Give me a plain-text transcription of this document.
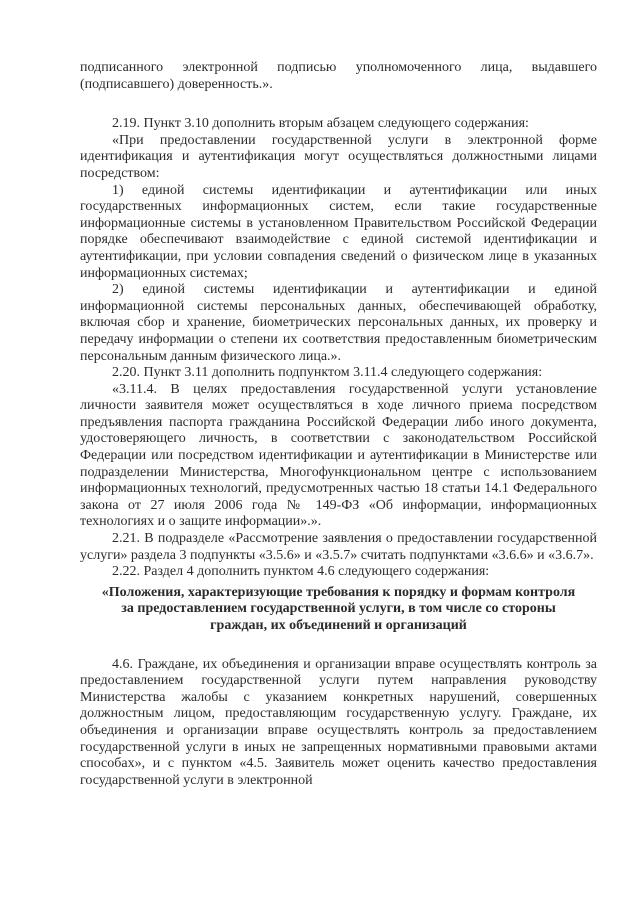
подписанного электронной подписью уполномоченного лица, выдавшего (подписавшего) доверенность.».

2.19. Пункт 3.10 дополнить вторым абзацем следующего содержания:

«При предоставлении государственной услуги в электронной форме идентификация и аутентификация могут осуществляться должностными лицами посредством:

1) единой системы идентификации и аутентификации или иных государственных информационных систем, если такие государственные информационные системы в установленном Правительством Российской Федерации порядке обеспечивают взаимодействие с единой системой идентификации и аутентификации, при условии совпадения сведений о физическом лице в указанных информационных системах;

2) единой системы идентификации и аутентификации и единой информационной системы персональных данных, обеспечивающей обработку, включая сбор и хранение, биометрических персональных данных, их проверку и передачу информации о степени их соответствия предоставленным биометрическим персональным данным физического лица.».

2.20. Пункт 3.11 дополнить подпунктом 3.11.4 следующего содержания:

«3.11.4. В целях предоставления государственной услуги установление личности заявителя может осуществляться в ходе личного приема посредством предъявления паспорта гражданина Российской Федерации либо иного документа, удостоверяющего личность, в соответствии с законодательством Российской Федерации или посредством идентификации и аутентификации в Министерстве или подразделении Министерства, Многофункциональном центре с использованием информационных технологий, предусмотренных частью 18 статьи 14.1 Федерального закона от 27 июля 2006 года № 149-ФЗ «Об информации, информационных технологиях и о защите информации».».

2.21. В подразделе «Рассмотрение заявления о предоставлении государственной услуги» раздела 3 подпункты «3.5.6» и «3.5.7» считать подпунктами «3.6.6» и «3.6.7».

2.22. Раздел 4 дополнить пунктом 4.6 следующего содержания:

«Положения, характеризующие требования к порядку и формам контроля

за предоставлением государственной услуги, в том числе со стороны

граждан, их объединений и организаций

4.6. Граждане, их объединения и организации вправе осуществлять контроль за предоставлением государственной услуги путем направления руководству Министерства жалобы с указанием конкретных нарушений, совершенных должностным лицом, предоставляющим государственную услугу. Граждане, их объединения и организации вправе осуществлять контроль за предоставлением государственной услуги в иных не запрещенных нормативными правовыми актами способах», и с пунктом «4.5. Заявитель может оценить качество предоставления государственной услуги в электронной
